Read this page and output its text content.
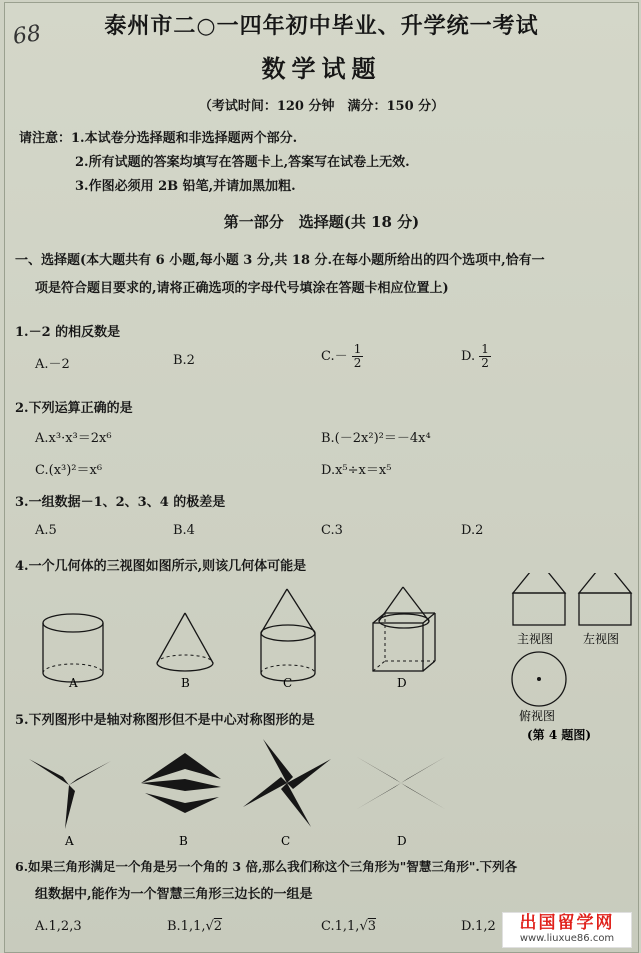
68	泰州市二○一四年初中毕业、升学统一考试
数学试题
（考试时间：120 分钟　满分：150 分）
请注意：1.本试卷分选择题和非选择题两个部分.
2.所有试题的答案均填写在答题卡上,答案写在试卷上无效.
3.作图必须用 2B 铅笔,并请加黑加粗.
第一部分　选择题(共 18 分)
一、选择题(本大题共有 6 小题,每小题 3 分,共 18 分.在每小题所给出的四个选项中,恰有一
项是符合题目要求的,请将正确选项的字母代号填涂在答题卡相应位置上)
1.－2 的相反数是
A.－2	B.2	$C.- \frac{1}{2}$	D. $\frac{1}{2}$
2.下列运算正确的是
A.x³·x³＝2x⁶	B.(－2x²)²＝－4x⁴
C.(x³)²＝x⁶	D.x⁵÷x＝x⁵
3.一组数据－1、2、3、4 的极差是
A.5	B.4	C.3	D.2
4.一个几何体的三视图如图所示,则该几何体可能是
A	B	C	D
主视图 左视图
俯视图
(第 4 题图)
5.下列图形中是轴对称图形但不是中心对称图形的是
A	B	C	D
6.如果三角形满足一个角是另一个角的 3 倍,那么我们称这个三角形为"智慧三角形".下列各
组数据中,能作为一个智慧三角形三边长的一组是
A.1,2,3	B.1,1,√2	C.1,1,√3	D.1,2	出国留学网
www.liuxue86.com
